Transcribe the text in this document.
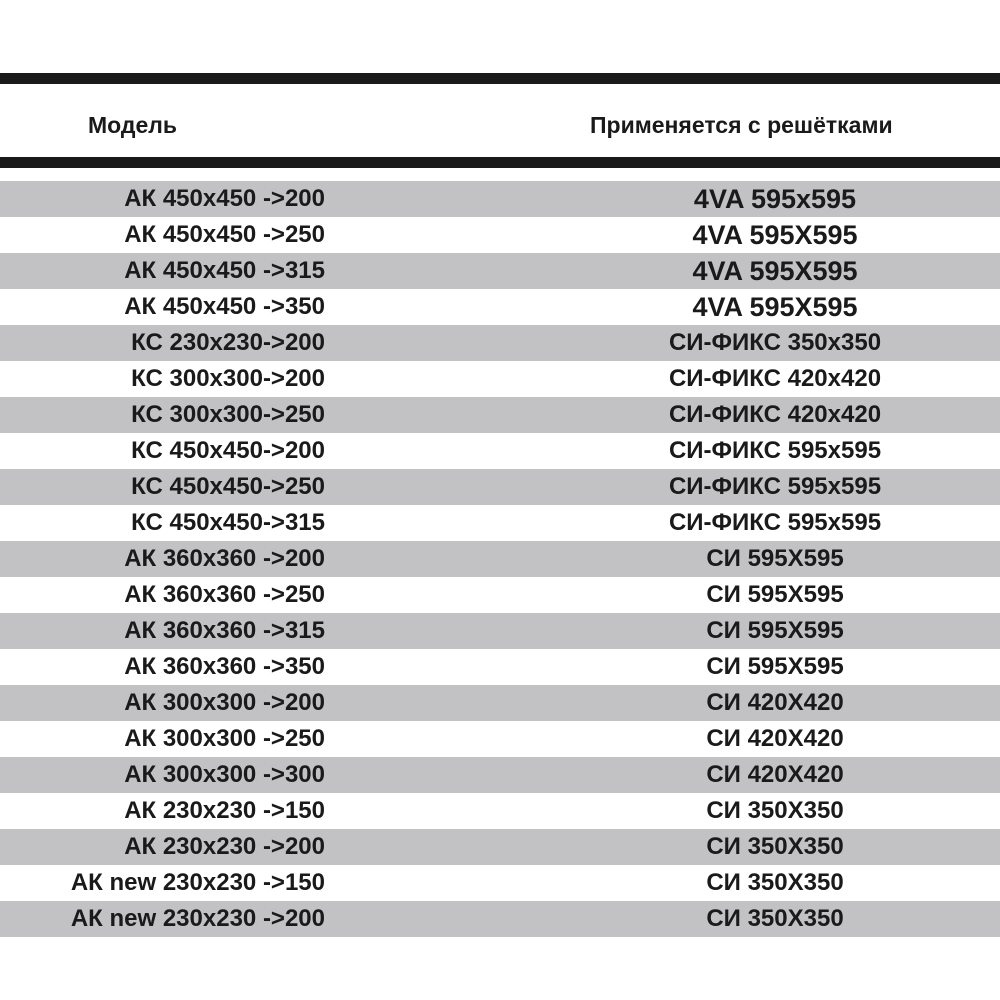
Модель	Применяется с решётками
АК 450x450 ->200	4VA 595x595
АК 450x450 ->250	4VA 595X595
АК 450x450 ->315	4VA 595X595
АК 450x450 ->350	4VA 595X595
КС 230x230->200	СИ-ФИКС 350x350
КС 300x300->200	СИ-ФИКС 420x420
КС 300x300->250	СИ-ФИКС 420x420
КС 450x450->200	СИ-ФИКС 595x595
КС 450x450->250	СИ-ФИКС 595x595
КС 450x450->315	СИ-ФИКС 595x595
АК 360x360 ->200	СИ 595X595
АК 360x360 ->250	СИ 595X595
АК 360x360 ->315	СИ 595X595
АК 360x360 ->350	СИ 595X595
АК 300x300 ->200	СИ 420X420
АК 300x300 ->250	СИ 420X420
АК 300x300 ->300	СИ 420X420
АК 230x230 ->150	СИ 350X350
АК 230x230 ->200	СИ 350X350
АК new 230x230 ->150	СИ 350X350
АК new 230x230 ->200	СИ 350X350
